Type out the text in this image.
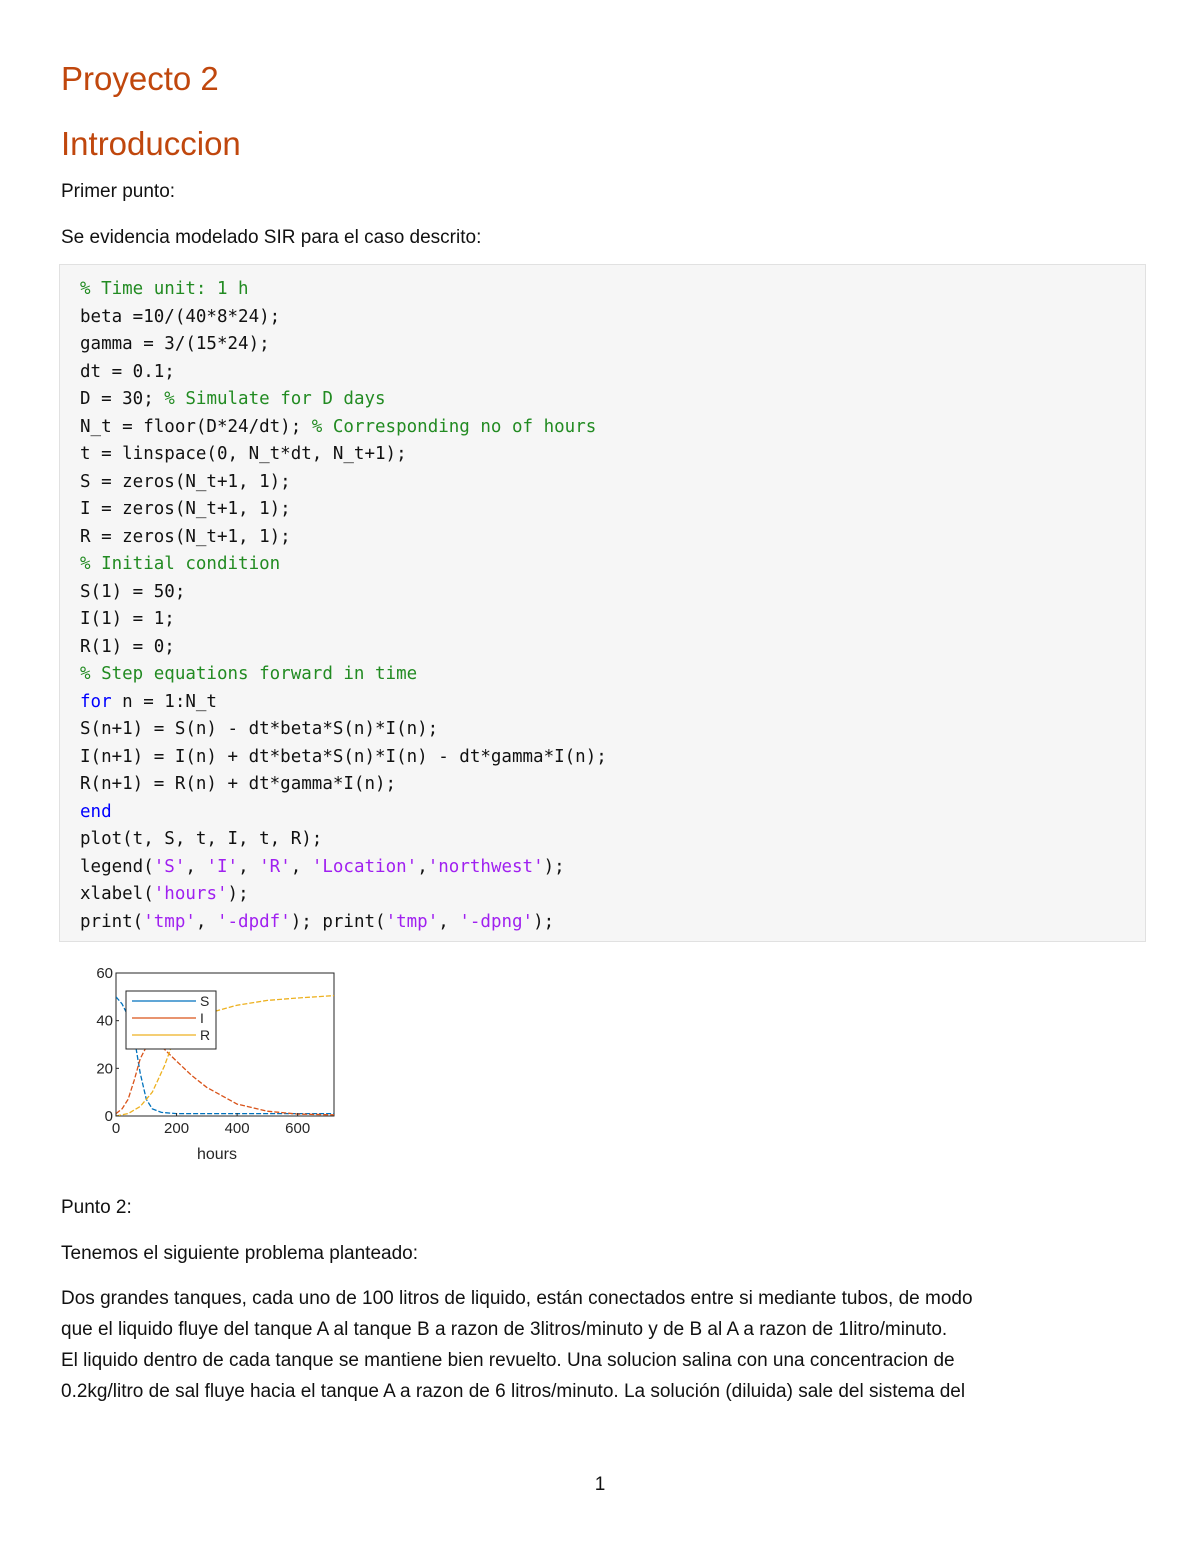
Proyecto 2
Introduccion

Primer punto:

Se evidencia modelado SIR para el caso descrito:

% Time unit: 1 h
beta =10/(40*8*24);
gamma = 3/(15*24);
dt = 0.1;
D = 30; % Simulate for D days
N_t = floor(D*24/dt); % Corresponding no of hours
t = linspace(0, N_t*dt, N_t+1);
S = zeros(N_t+1, 1);
I = zeros(N_t+1, 1);
R = zeros(N_t+1, 1);
% Initial condition
S(1) = 50;
I(1) = 1;
R(1) = 0;
% Step equations forward in time
for n = 1:N_t
S(n+1) = S(n) - dt*beta*S(n)*I(n);
I(n+1) = I(n) + dt*beta*S(n)*I(n) - dt*gamma*I(n);
R(n+1) = R(n) + dt*gamma*I(n);
end
plot(t, S, t, I, t, R);
legend('S', 'I', 'R', 'Location','northwest');
xlabel('hours');
print('tmp', '-dpdf'); print('tmp', '-dpng');
0	200 400 600
0
20
40
60
hours
S
I
R

Punto 2:

Tenemos el siguiente problema planteado:

Dos grandes tanques, cada uno de 100 litros de liquido, están conectados entre si mediante tubos, de modo
que el liquido fluye del tanque A al tanque B a razon de 3litros/minuto y de B al A a razon de 1litro/minuto.
El liquido dentro de cada tanque se mantiene bien revuelto. Una solucion salina con una concentracion de
0.2kg/litro de sal fluye hacia el tanque A a razon de 6 litros/minuto. La solución (diluida) sale del sistema del
1
